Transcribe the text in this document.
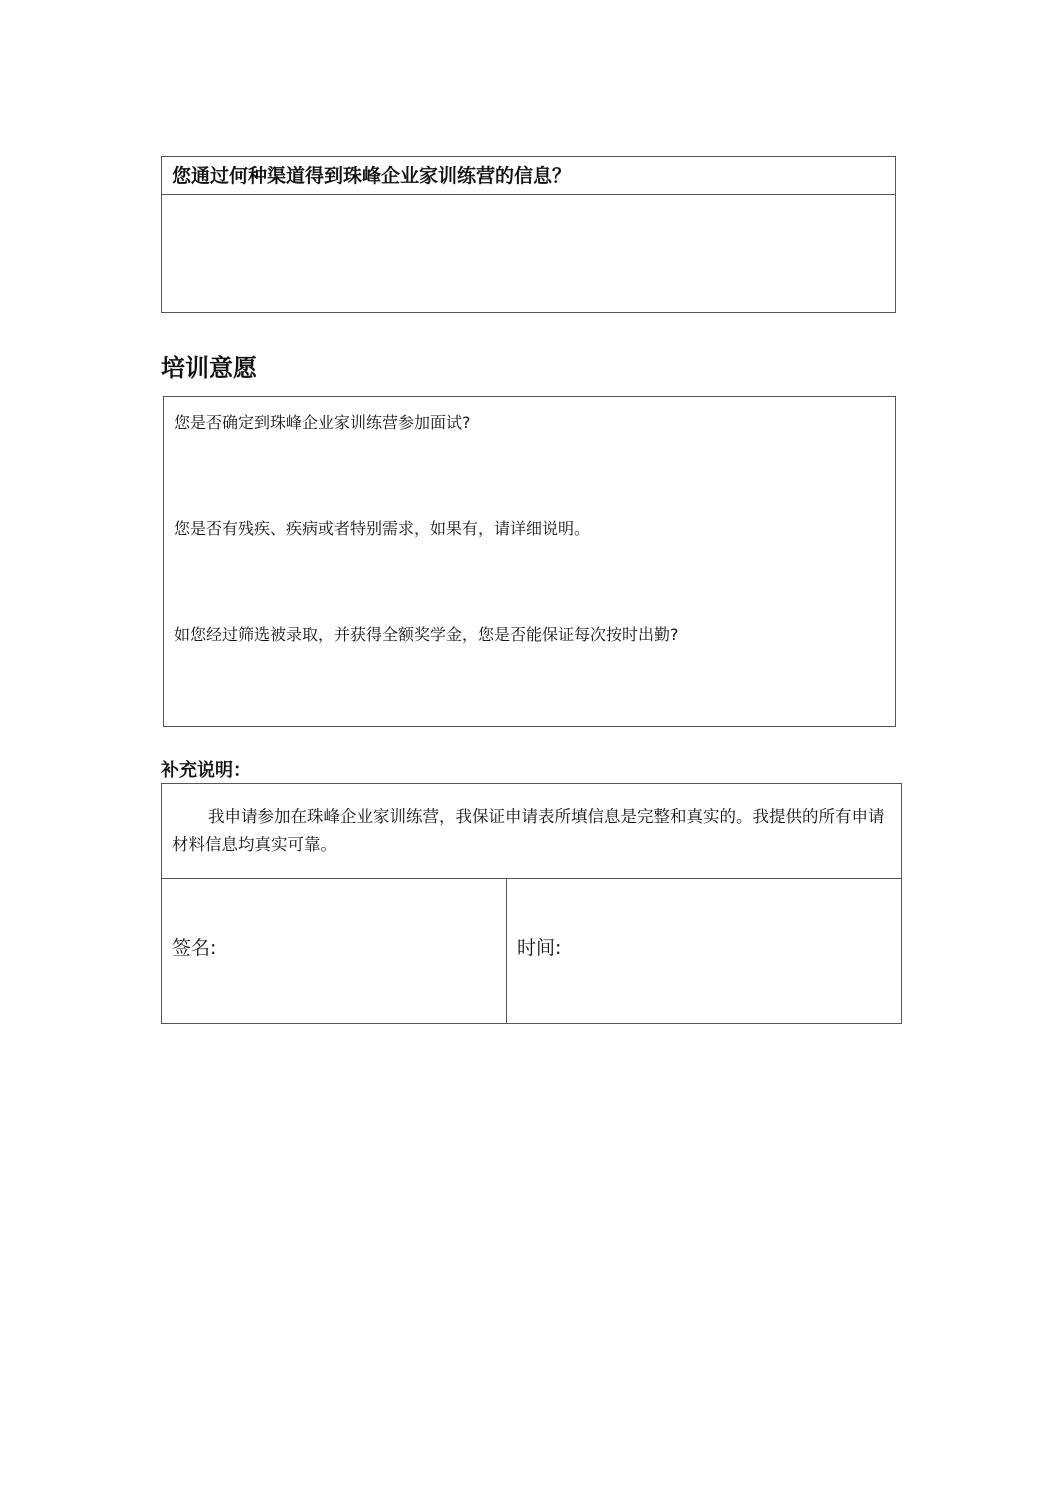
您通过何种渠道得到珠峰企业家训练营的信息？
培训意愿
您是否确定到珠峰企业家训练营参加面试?
您是否有残疾、疾病或者特别需求，如果有，请详细说明。
如您经过筛选被录取，并获得全额奖学金，您是否能保证每次按时出勤?
补充说明：
我申请参加在珠峰企业家训练营，我保证申请表所填信息是完整和真实的。我提供的所有申请材料信息均真实可靠。
签名:	时间:
